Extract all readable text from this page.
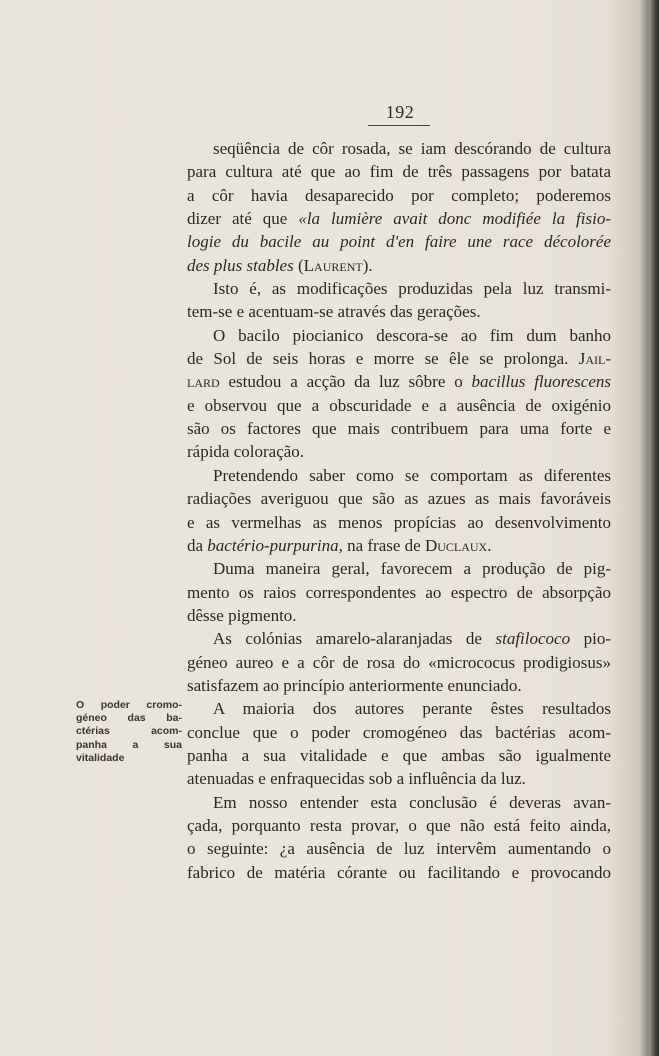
192
O poder cromo-
géneo das ba-
ctérias acom-
panha a sua
vitalidade
seqüência de côr rosada, se iam descórando de cultura
para cultura até que ao fim de três passagens por batata
a côr havia desaparecido por completo; poderemos
dizer até que «la lumière avait donc modifiée la fisio-
logie du bacile au point d'en faire une race décolorée
des plus stables (Laurent).
Isto é, as modificações produzidas pela luz transmi-
tem-se e acentuam-se através das gerações.
O bacilo piocianico descora-se ao fim dum banho
de Sol de seis horas e morre se êle se prolonga. Jail-
lard estudou a acção da luz sôbre o bacillus fluorescens
e observou que a obscuridade e a ausência de oxigénio
são os factores que mais contribuem para uma forte e
rápida coloração.
Pretendendo saber como se comportam as diferentes
radiações averiguou que são as azues as mais favoráveis
e as vermelhas as menos propícias ao desenvolvimento
da bactério-purpurina, na frase de Duclaux.
Duma maneira geral, favorecem a produção de pig-
mento os raios correspondentes ao espectro de absorpção
dêsse pigmento.
As colónias amarelo-alaranjadas de stafilococo pio-
géneo aureo e a côr de rosa do «micrococus prodigiosus»
satisfazem ao princípio anteriormente enunciado.
A maioria dos autores perante êstes resultados
conclue que o poder cromogéneo das bactérias acom-
panha a sua vitalidade e que ambas são igualmente
atenuadas e enfraquecidas sob a influência da luz.
Em nosso entender esta conclusão é deveras avan-
çada, porquanto resta provar, o que não está feito ainda,
o seguinte: ¿a ausência de luz intervêm aumentando o
fabrico de matéria córante ou facilitando e provocando
